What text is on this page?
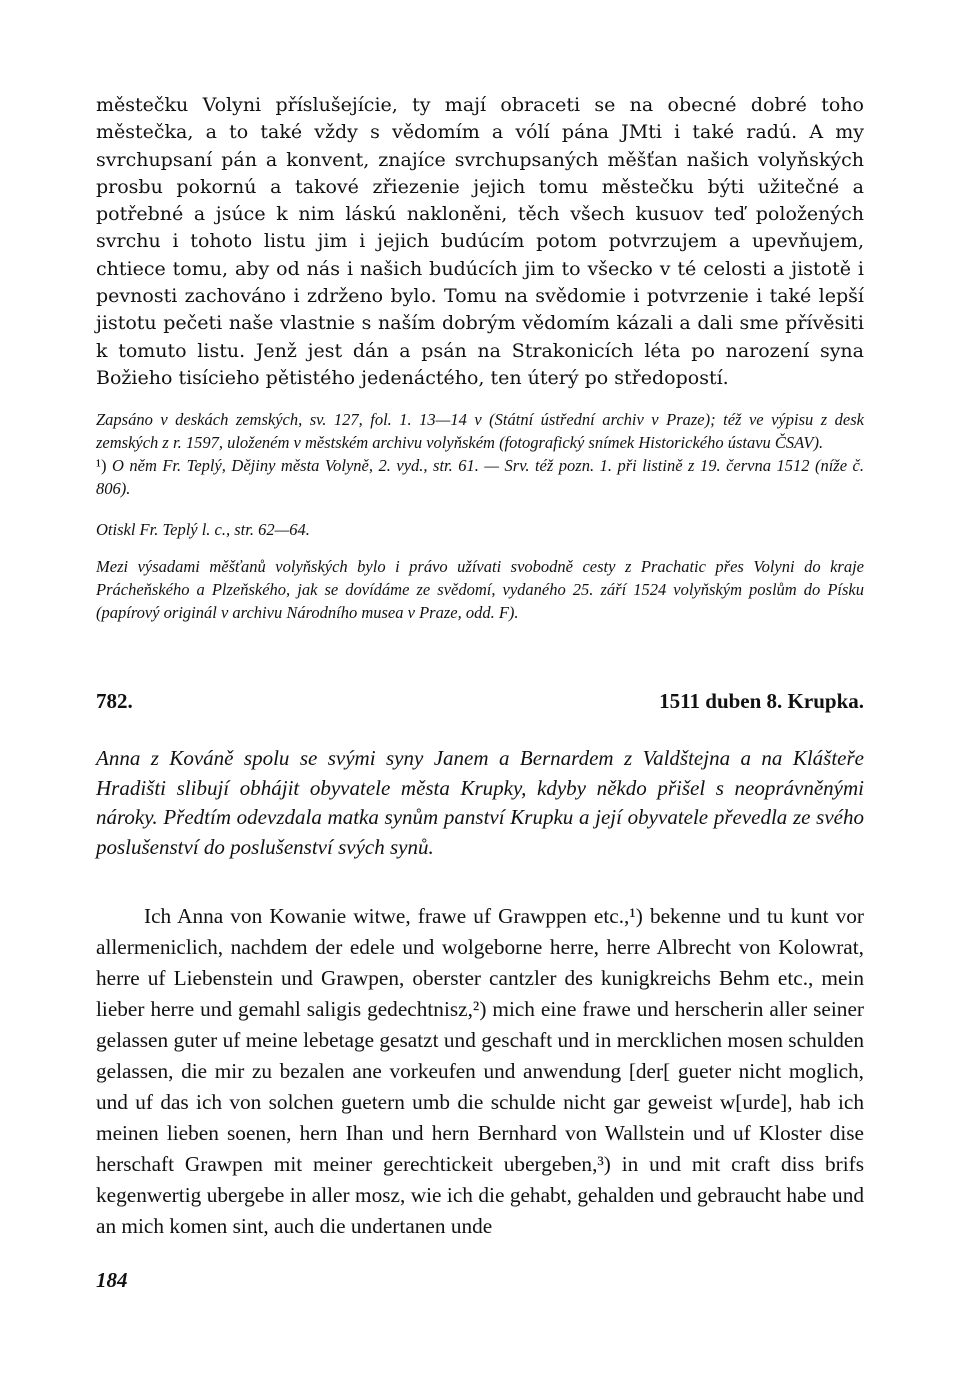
městečku Volyni příslušejície, ty mají obraceti se na obecné dobré toho městečka, a to také vždy s vědomím a vólí pána JMti i také radú. A my svrchupsaní pán a konvent, znajíce svrchupsaných měšťan našich volyňských prosbu pokornú a takové zřiezenie jejich tomu městečku býti užitečné a potřebné a jsúce k nim láskú nakloněni, těch všech kusuov teď položených svrchu i tohoto listu jim i jejich budúcím potom potvrzujem a upevňujem, chtiece tomu, aby od nás i našich budúcích jim to všecko v té celosti a jistotě i pevnosti zachováno i zdrženo bylo. Tomu na svědomie i potvrzenie i také lepší jistotu pečeti naše vlastnie s naším dobrým vědomím kázali a dali sme přívěsiti k tomuto listu. Jenž jest dán a psán na Strakonicích léta po narození syna Božieho tisícieho pětistého jedenáctého, ten úterý po středopostí.

Zapsáno v deskách zemských, sv. 127, fol. 1. 13—14 v (Státní ústřední archiv v Praze); též ve výpisu z desk zemských z r. 1597, uloženém v městském archivu volyňském (fotografický snímek Historického ústavu ČSAV).

¹) O něm Fr. Teplý, Dějiny města Volyně, 2. vyd., str. 61. — Srv. též pozn. 1. při listině z 19. června 1512 (níže č. 806).

Otiskl Fr. Teplý l. c., str. 62—64.

Mezi výsadami měšťanů volyňských bylo i právo užívati svobodně cesty z Prachatic přes Volyni do kraje Prácheňského a Plzeňského, jak se dovídáme ze svědomí, vydaného 25. září 1524 volyňským poslům do Písku (papírový originál v archivu Národního musea v Praze, odd. F).

782.	1511 duben 8. Krupka.

Anna z Kováně spolu se svými syny Janem a Bernardem z Valdštejna a na Klášteře Hradišti slibují obhájit obyvatele města Krupky, kdyby někdo přišel s neoprávněnými nároky. Předtím odevzdala matka synům panství Krupku a její obyvatele převedla ze svého poslušenství do poslušenství svých synů.

Ich Anna von Kowanie witwe, frawe uf Grawppen etc.,¹) bekenne und tu kunt vor allermeniclich, nachdem der edele und wolgeborne herre, herre Albrecht von Kolowrat, herre uf Liebenstein und Grawpen, oberster cantzler des kunigkreichs Behm etc., mein lieber herre und gemahl saligis gedechtnisz,²) mich eine frawe und herscherin aller seiner gelassen guter uf meine lebetage gesatzt und geschaft und in mercklichen mosen schulden gelassen, die mir zu bezalen ane vorkeufen und anwendung [der[ gueter nicht moglich, und uf das ich von solchen guetern umb die schulde nicht gar geweist w[urde], hab ich meinen lieben soenen, hern Ihan und hern Bernhard von Wallstein und uf Kloster dise herschaft Grawpen mit meiner gerechtickeit ubergeben,³) in und mit craft diss brifs kegenwertig ubergebe in aller mosz, wie ich die gehabt, gehalden und gebraucht habe und an mich komen sint, auch die undertanen unde

184
